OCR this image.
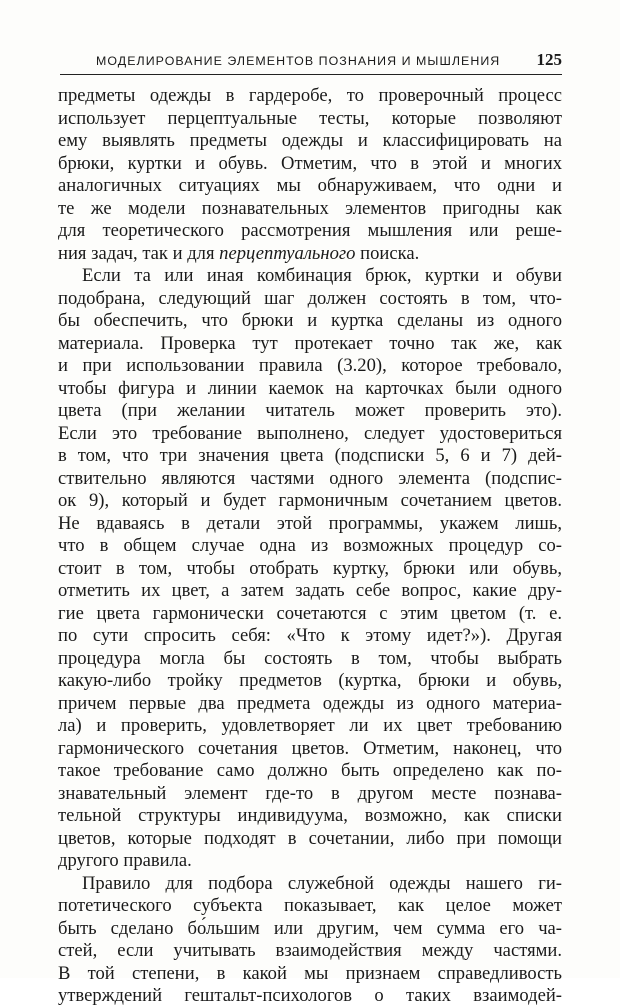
МОДЕЛИРОВАНИЕ ЭЛЕМЕНТОВ ПОЗНАНИЯ И МЫШЛЕНИЯ 125
предметы одежды в гардеробе, то проверочный процесс
использует перцептуальные тесты, которые позволяют
ему выявлять предметы одежды и классифицировать на
брюки, куртки и обувь. Отметим, что в этой и многих
аналогичных ситуациях мы обнаруживаем, что одни и
те же модели познавательных элементов пригодны как
для теоретического рассмотрения мышления или реше-
ния задач, так и для перцептуального поиска.
Если та или иная комбинация брюк, куртки и обуви
подобрана, следующий шаг должен состоять в том, что-
бы обеспечить, что брюки и куртка сделаны из одного
материала. Проверка тут протекает точно так же, как
и при использовании правила (3.20), которое требовало,
чтобы фигура и линии каемок на карточках были одного
цвета (при желании читатель может проверить это).
Если это требование выполнено, следует удостовериться
в том, что три значения цвета (подсписки 5, 6 и 7) дей-
ствительно являются частями одного элемента (подспис-
ок 9), который и будет гармоничным сочетанием цветов.
Не вдаваясь в детали этой программы, укажем лишь,
что в общем случае одна из возможных процедур со-
стоит в том, чтобы отобрать куртку, брюки или обувь,
отметить их цвет, а затем задать себе вопрос, какие дру-
гие цвета гармонически сочетаются с этим цветом (т. е.
по сути спросить себя: «Что к этому идет?»). Другая
процедура могла бы состоять в том, чтобы выбрать
какую-либо тройку предметов (куртка, брюки и обувь,
причем первые два предмета одежды из одного материа-
ла) и проверить, удовлетворяет ли их цвет требованию
гармонического сочетания цветов. Отметим, наконец, что
такое требование само должно быть определено как по-
знавательный элемент где-то в другом месте познава-
тельной структуры индивидуума, возможно, как списки
цветов, которые подходят в сочетании, либо при помощи
другого правила.
Правило для подбора служебной одежды нашего ги-
потетического субъекта показывает, как целое может
быть сделано бо́льшим или другим, чем сумма его ча-
стей, если учитывать взаимодействия между частями.
В той степени, в какой мы признаем справедливость
утверждений гештальт-психологов о таких взаимодей-
